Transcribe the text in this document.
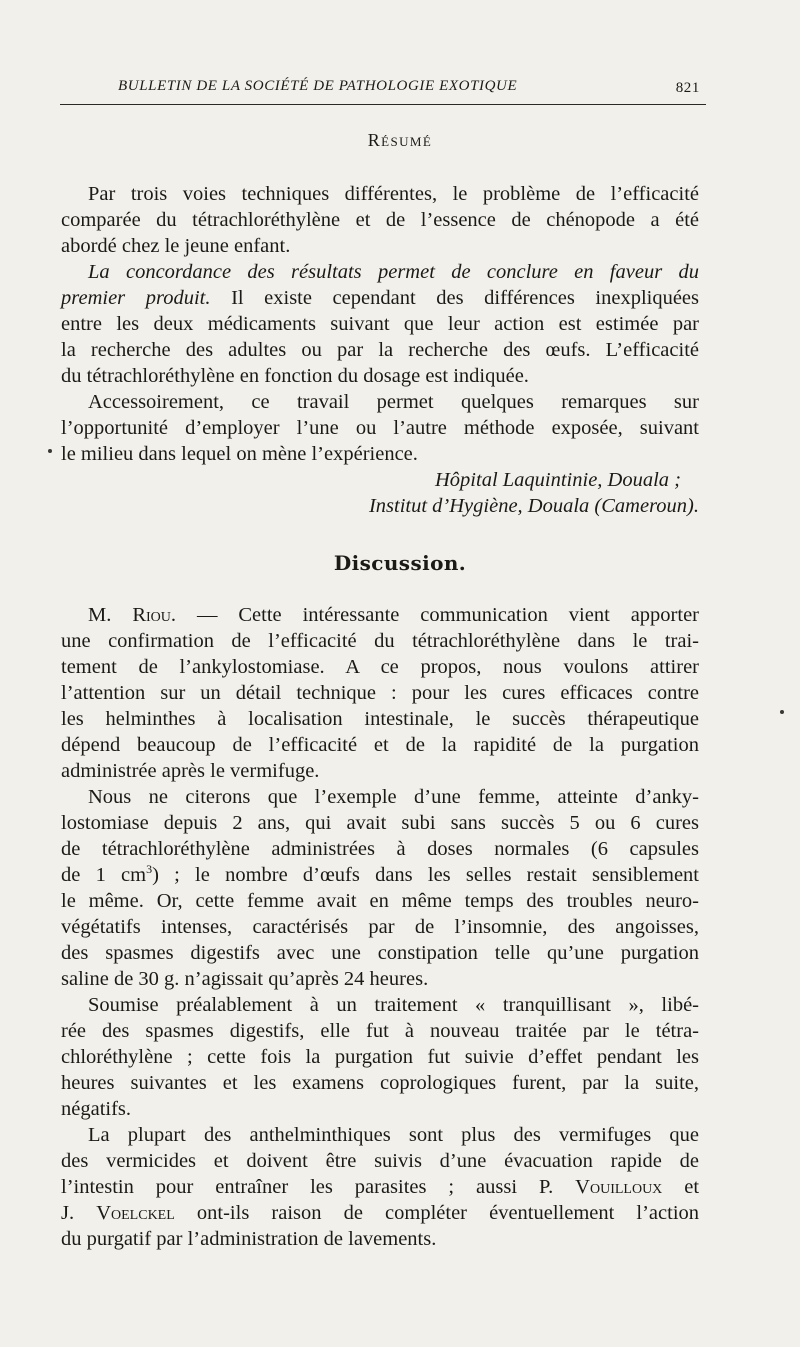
BULLETIN DE LA SOCIÉTÉ DE PATHOLOGIE EXOTIQUE	821
Résumé
Par trois voies techniques différentes, le problème de l’efficacité
comparée du tétrachloréthylène et de l’essence de chénopode a été
abordé chez le jeune enfant.
La concordance des résultats permet de conclure en faveur du
premier produit. Il existe cependant des différences inexpliquées
entre les deux médicaments suivant que leur action est estimée par
la recherche des adultes ou par la recherche des œufs. L’efficacité
du tétrachloréthylène en fonction du dosage est indiquée.
Accessoirement, ce travail permet quelques remarques sur
l’opportunité d’employer l’une ou l’autre méthode exposée, suivant
le milieu dans lequel on mène l’expérience.
Hôpital Laquintinie, Douala ;
Institut d’Hygiène, Douala (Cameroun).
Discussion.
M. Riou. — Cette intéressante communication vient apporter
une confirmation de l’efficacité du tétrachloréthylène dans le trai-
tement de l’ankylostomiase. A ce propos, nous voulons attirer
l’attention sur un détail technique : pour les cures efficaces contre
les helminthes à localisation intestinale, le succès thérapeutique
dépend beaucoup de l’efficacité et de la rapidité de la purgation
administrée après le vermifuge.
Nous ne citerons que l’exemple d’une femme, atteinte d’anky-
lostomiase depuis 2 ans, qui avait subi sans succès 5 ou 6 cures
de tétrachloréthylène administrées à doses normales (6 capsules
de 1 $cm^3$) ; le nombre d’œufs dans les selles restait sensiblement
le même. Or, cette femme avait en même temps des troubles neuro-
végétatifs intenses, caractérisés par de l’insomnie, des angoisses,
des spasmes digestifs avec une constipation telle qu’une purgation
saline de 30 g. n’agissait qu’après 24 heures.
Soumise préalablement à un traitement « tranquillisant », libé-
rée des spasmes digestifs, elle fut à nouveau traitée par le tétra-
chloréthylène ; cette fois la purgation fut suivie d’effet pendant les
heures suivantes et les examens coprologiques furent, par la suite,
négatifs.
La plupart des anthelminthiques sont plus des vermifuges que
des vermicides et doivent être suivis d’une évacuation rapide de
l’intestin pour entraîner les parasites ; aussi P. Vouilloux et
J. Voelckel ont-ils raison de compléter éventuellement l’action
du purgatif par l’administration de lavements.
